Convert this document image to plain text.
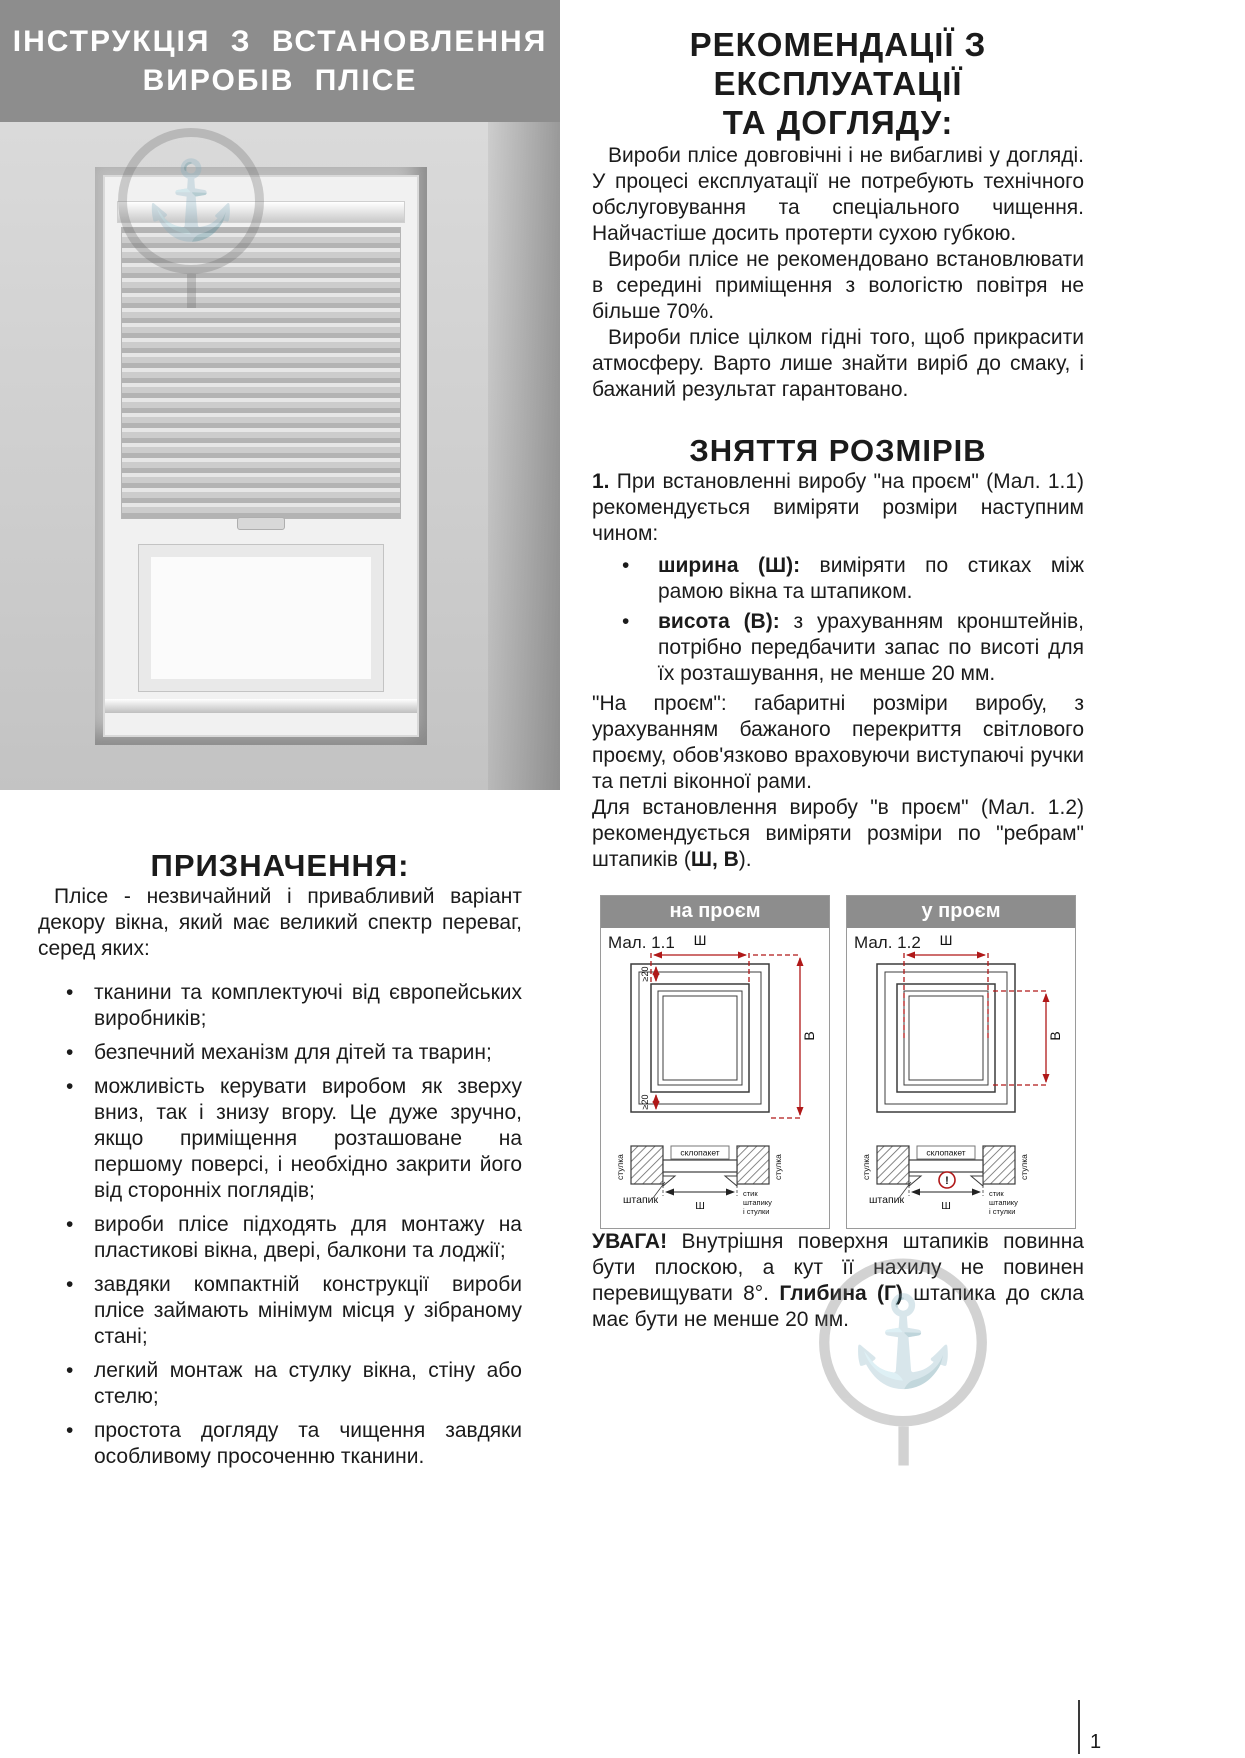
ІНСТРУКЦІЯ З ВСТАНОВЛЕННЯ
ВИРОБІВ ПЛІСЕ
⚓
ПРИЗНАЧЕННЯ:

Плісе - незвичайний і привабливий варіант декору вікна, який має великий спектр переваг, серед яких:

• тканини та комплектуючі від європейських виробників;
• безпечний механізм для дітей та тварин;
• можливість керувати виробом як зверху вниз, так і знизу вгору. Це дуже зручно, якщо приміщення розташоване на першому поверсі, і необхідно закрити його від сторонніх поглядів;
• вироби плісе підходять для монтажу на пластикові вікна, двері, балкони та лоджії;
• завдяки компактній конструкції вироби плісе займають мінімум місця у зібраному стані;
• легкий монтаж на стулку вікна, стіну або стелю;
• простота догляду та чищення завдяки особливому просоченню тканини.
РЕКОМЕНДАЦІЇ З ЕКСПЛУАТАЦІЇ
ТА ДОГЛЯДУ:

Вироби плісе довговічні і не вибагливі у догляді. У процесі експлуатації не потребують технічного обслуговування та спеціального чищення. Найчастіше досить протерти сухою губкою.

Вироби плісе не рекомендовано встановлювати в середині приміщення з вологістю повітря не більше 70%.

Вироби плісе цілком гідні того, щоб прикрасити атмосферу. Варто лише знайти виріб до смаку, і бажаний результат гарантовано.

ЗНЯТТЯ РОЗМІРІВ

1. При встановленні виробу "на проєм" (Мал. 1.1) рекомендується виміряти розміри наступним чином:

• ширина (Ш): виміряти по стиках між рамою вікна та штапиком.
• висота (В): з урахуванням кронштейнів, потрібно передбачити запас по висоті для їх розташування, не менше 20 мм.

"На проєм": габаритні розміри виробу, з урахуванням бажаного перекриття світлового проєму, обов'язково враховуючи виступаючі ручки та петлі віконної рами.

Для встановлення виробу "в проєм" (Мал. 1.2) рекомендується виміряти розміри по "ребрам" штапиків (Ш, В).

на проєм
Ш
В
≥20
≥20
склопакет
Ш
стулка	стулка
штапик
стик
штапику
і стулки
Мал. 1.1
у проєм
Ш
В
склопакет
!
Ш
стулка	стулка
штапик
стик
штапику
і стулки
Мал. 1.2

УВАГА! Внутрішня поверхня штапиків повинна бути плоскою, а кут її нахилу не повинен перевищувати 8°. Глибина (Г) штапика до скла має бути не менше 20 мм. ⚓
1
